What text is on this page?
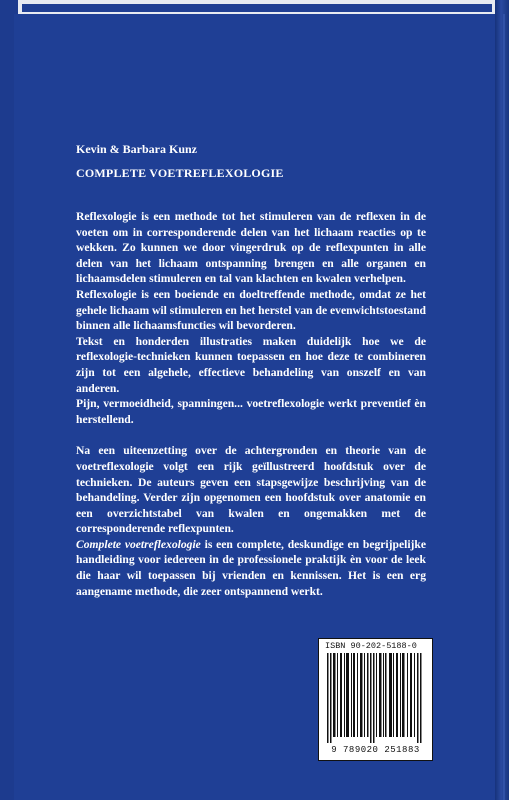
Kevin & Barbara Kunz
COMPLETE VOETREFLEXOLOGIE

Reflexologie is een methode tot het stimuleren van de reflexen in de voeten om in corresponderende delen van het lichaam reacties op te wekken. Zo kunnen we door vingerdruk op de reflexpunten in alle delen van het lichaam ontspanning brengen en alle organen en lichaamsdelen stimuleren en tal van klachten en kwalen verhelpen.

Reflexologie is een boeiende en doeltreffende methode, omdat ze het gehele lichaam wil stimuleren en het herstel van de evenwichtstoestand binnen alle lichaamsfuncties wil bevorderen.

Tekst en honderden illustraties maken duidelijk hoe we de reflexologie-technieken kunnen toepassen en hoe deze te combineren zijn tot een algehele, effectieve behandeling van onszelf en van anderen.

Pijn, vermoeidheid, spanningen... voetreflexologie werkt preventief èn herstellend.

Na een uiteenzetting over de achtergronden en theorie van de voetreflexologie volgt een rijk geïllustreerd hoofdstuk over de technieken. De auteurs geven een stapsgewijze beschrijving van de behandeling. Verder zijn opgenomen een hoofdstuk over anatomie en een overzichtstabel van kwalen en ongemakken met de corresponderende reflexpunten.

Complete voetreflexologie is een complete, deskundige en begrijpelijke handleiding voor iedereen in de professionele praktijk èn voor de leek die haar wil toepassen bij vrienden en kennissen. Het is een erg aangename methode, die zeer ontspannend werkt.

ISBN 90-202-5188-0
9 789020 251883
